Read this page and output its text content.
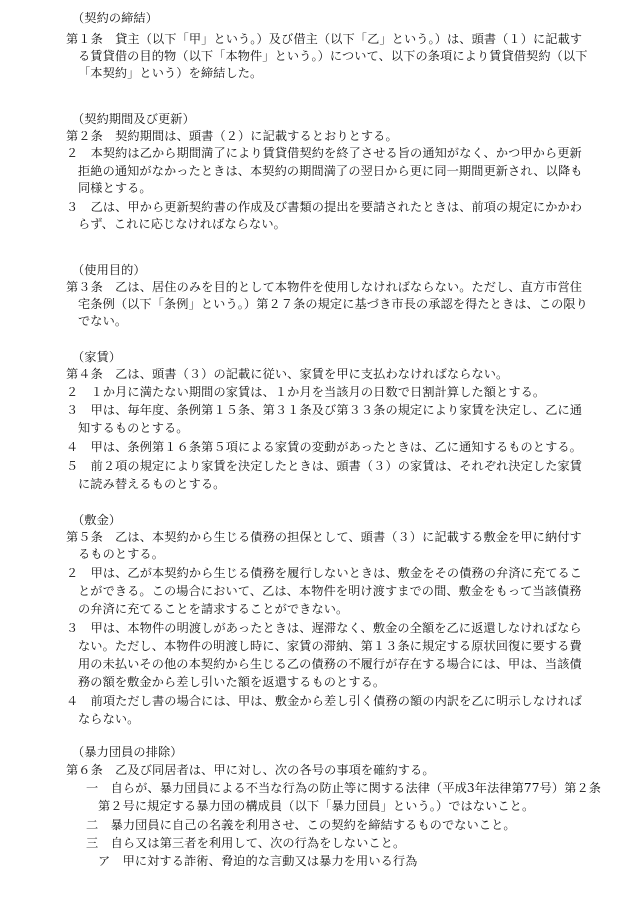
（契約の締結）
第１条　貸主（以下「甲」という。）及び借主（以下「乙」という。）は、頭書（１）に記載す
る賃貸借の目的物（以下「本物件」という。）について、以下の条項により賃貸借契約（以下
「本契約」という）を締結した。
（契約期間及び更新）
第２条　契約期間は、頭書（２）に記載するとおりとする。
２　本契約は乙から期間満了により賃貸借契約を終了させる旨の通知がなく、かつ甲から更新
拒絶の通知がなかったときは、本契約の期間満了の翌日から更に同一期間更新され、以降も
同様とする。
３　乙は、甲から更新契約書の作成及び書類の提出を要請されたときは、前項の規定にかかわ
らず、これに応じなければならない。
（使用目的）
第３条　乙は、居住のみを目的として本物件を使用しなければならない。ただし、直方市営住
宅条例（以下「条例」という。）第２７条の規定に基づき市長の承認を得たときは、この限り
でない。
（家賃）
第４条　乙は、頭書（３）の記載に従い、家賃を甲に支払わなければならない。
２　１か月に満たない期間の家賃は、１か月を当該月の日数で日割計算した額とする。
３　甲は、毎年度、条例第１５条、第３１条及び第３３条の規定により家賃を決定し、乙に通
知するものとする。
４　甲は、条例第１６条第５項による家賃の変動があったときは、乙に通知するものとする。
５　前２項の規定により家賃を決定したときは、頭書（３）の家賃は、それぞれ決定した家賃
に読み替えるものとする。
（敷金）
第５条　乙は、本契約から生じる債務の担保として、頭書（３）に記載する敷金を甲に納付す
るものとする。
２　甲は、乙が本契約から生じる債務を履行しないときは、敷金をその債務の弁済に充てるこ
とができる。この場合において、乙は、本物件を明け渡すまでの間、敷金をもって当該債務
の弁済に充てることを請求することができない。
３　甲は、本物件の明渡しがあったときは、遅滞なく、敷金の全額を乙に返還しなければなら
ない。ただし、本物件の明渡し時に、家賃の滞納、第１３条に規定する原状回復に要する費
用の未払いその他の本契約から生じる乙の債務の不履行が存在する場合には、甲は、当該債
務の額を敷金から差し引いた額を返還するものとする。
４　前項ただし書の場合には、甲は、敷金から差し引く債務の額の内訳を乙に明示しなければ
ならない。
（暴力団員の排除）
第６条　乙及び同居者は、甲に対し、次の各号の事項を確約する。
一　自らが、暴力団員による不当な行為の防止等に関する法律（平成3年法律第77号）第２条
第２号に規定する暴力団の構成員（以下「暴力団員」という。）ではないこと。
二　暴力団員に自己の名義を利用させ、この契約を締結するものでないこと。
三　自ら又は第三者を利用して、次の行為をしないこと。
ア　甲に対する詐術、脅迫的な言動又は暴力を用いる行為
